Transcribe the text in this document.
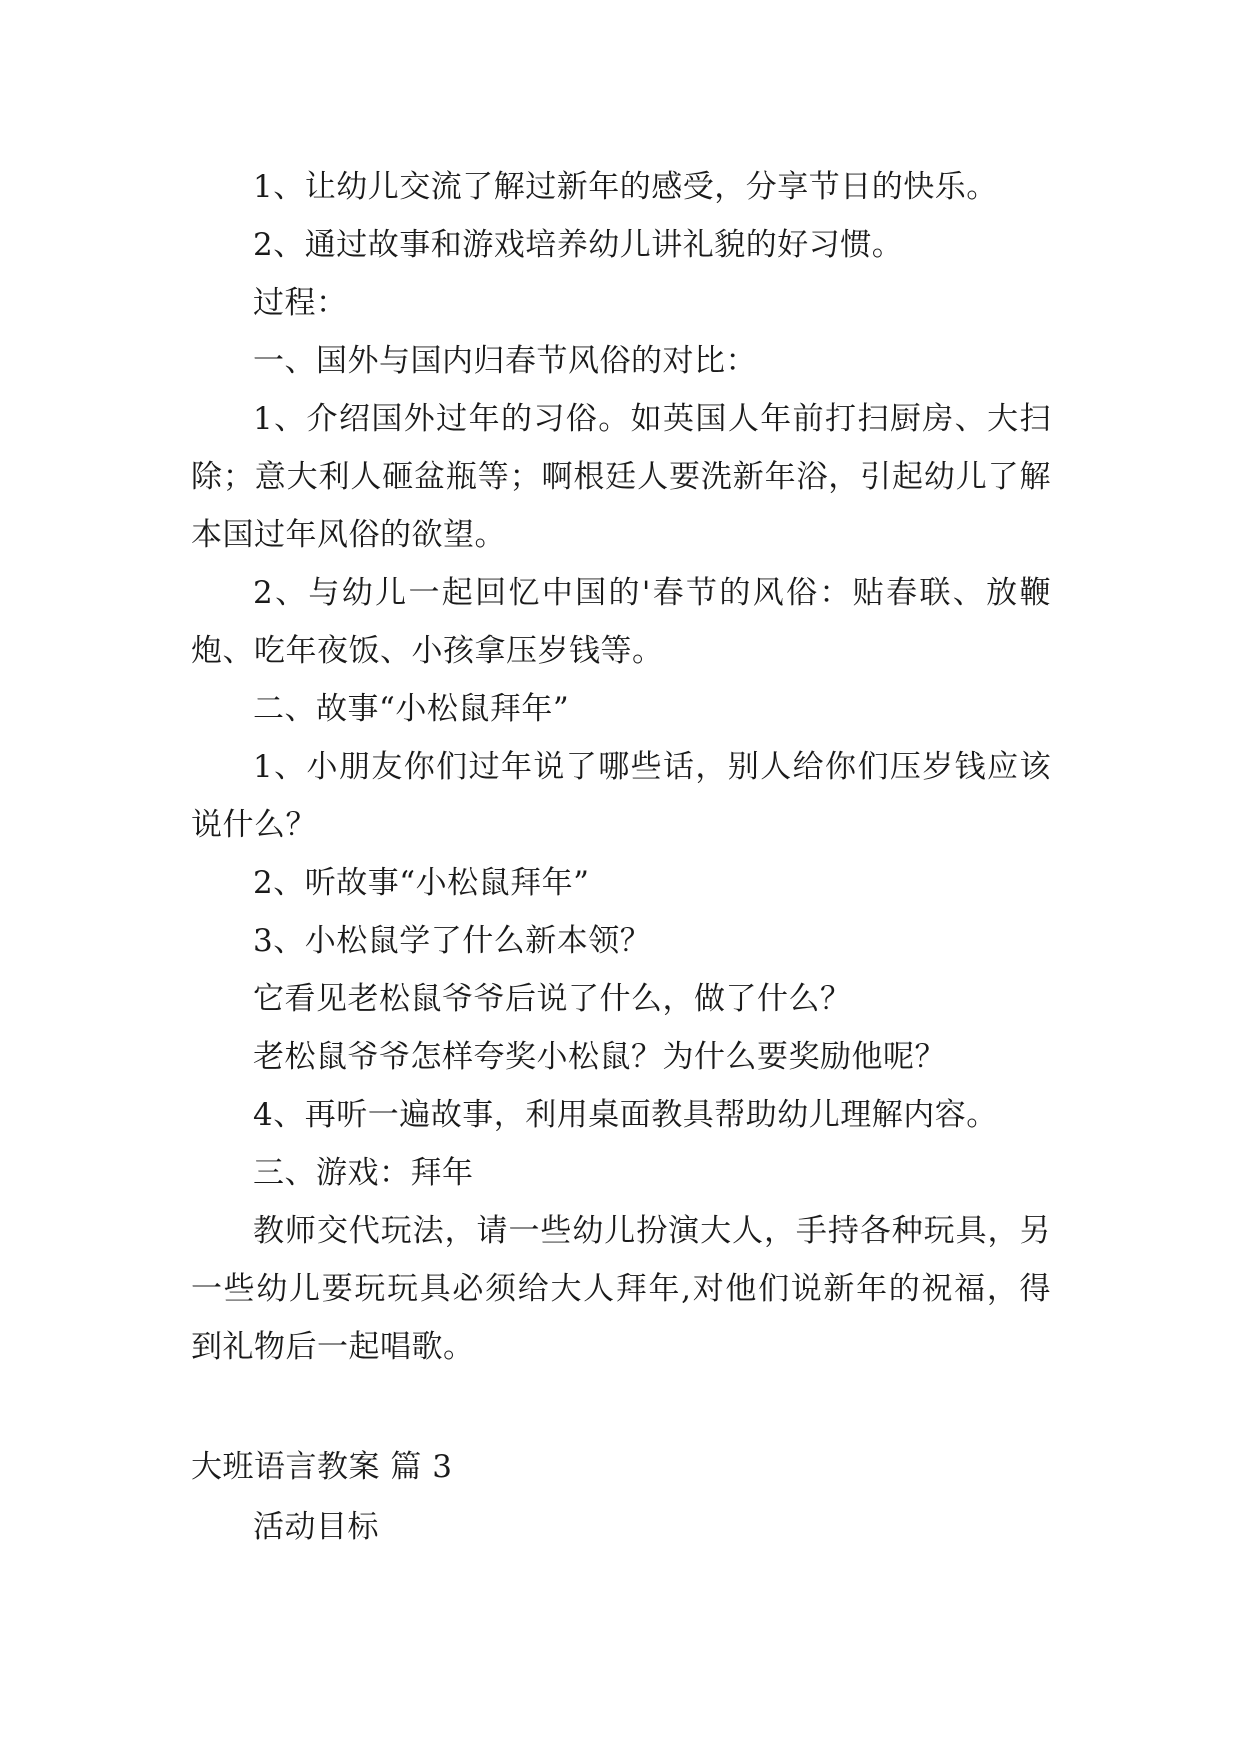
1、让幼儿交流了解过新年的感受，分享节日的快乐。

2、通过故事和游戏培养幼儿讲礼貌的好习惯。

过程：

一、国外与国内归春节风俗的对比：

1、介绍国外过年的习俗。如英国人年前打扫厨房、大扫除；意大利人砸盆瓶等；啊根廷人要洗新年浴，引起幼儿了解本国过年风俗的欲望。

2、与幼儿一起回忆中国的'春节的风俗：贴春联、放鞭炮、吃年夜饭、小孩拿压岁钱等。

二、故事“小松鼠拜年”

1、小朋友你们过年说了哪些话，别人给你们压岁钱应该说什么？

2、听故事“小松鼠拜年”

3、小松鼠学了什么新本领？

它看见老松鼠爷爷后说了什么，做了什么？

老松鼠爷爷怎样夸奖小松鼠？为什么要奖励他呢？

4、再听一遍故事，利用桌面教具帮助幼儿理解内容。

三、游戏：拜年

教师交代玩法，请一些幼儿扮演大人，手持各种玩具，另一些幼儿要玩玩具必须给大人拜年,对他们说新年的祝福，得到礼物后一起唱歌。

大班语言教案 篇 3

活动目标
